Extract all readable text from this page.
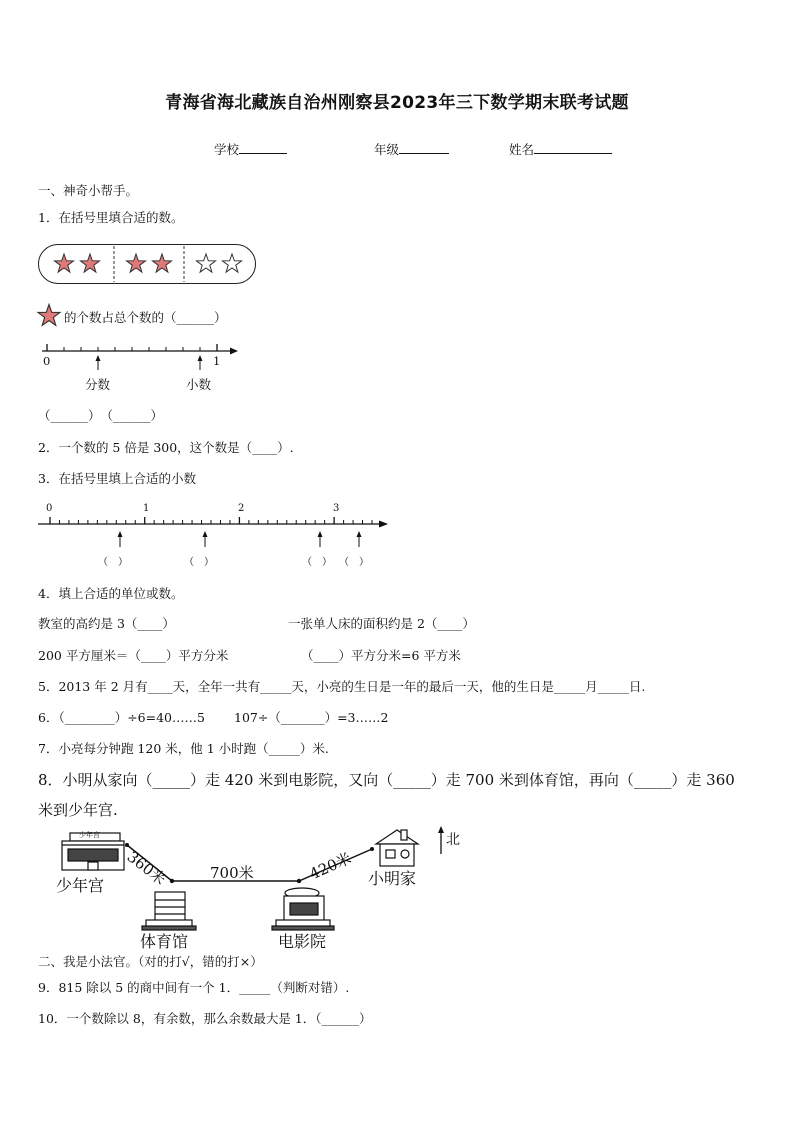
青海省海北藏族自治州刚察县2023年三下数学期末联考试题
学校	年级	姓名
一、神奇小帮手。
1．在括号里填合适的数。
的个数占总个数的（______）
0	1
分数	小数
（______）　（______）
2．一个数的 5 倍是 300，这个数是（____）.
3．在括号里填上合适的小数
0	1	2	3
（　）	（　）	（　） （　）
4．填上合适的单位或数。
教室的高约是 3（____）	一张单人床的面积约是 2（____）
200 平方厘米＝（____）平方分米	（____）平方分米=6 平方米
5．2013 年 2 月有____天，全年一共有_____天，小亮的生日是一年的最后一天，他的生日是_____月_____日.
6．（________）÷6=40……5 107÷（_______）=3……2
7．小亮每分钟跑 120 米，他 1 小时跑（_____）米.
8．小明从家向（_____）走 420 米到电影院，又向（_____）走 700 米到体育馆，再向（_____）走 360
米到少年宫.
少年宫
少年宫
体育馆	电影院
小明家
360米	700米	420米
北
二、我是小法官。（对的打√，错的打×）
9．815 除以 5 的商中间有一个 1．_____（判断对错）.
10．一个数除以 8，有余数，那么余数最大是 1．（______）
